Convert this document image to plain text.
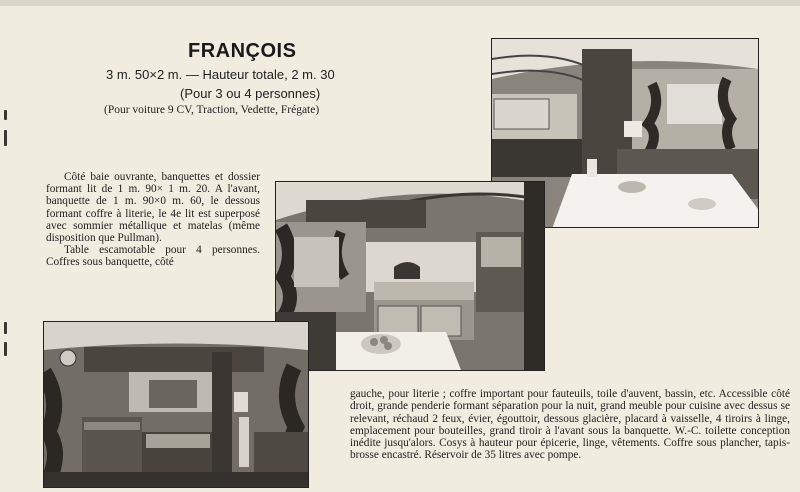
FRANÇOIS
3 m. 50×2 m. — Hauteur totale, 2 m. 30
(Pour 3 ou 4 personnes)
(Pour voiture 9 CV, Traction, Vedette, Frégate)

Côté baie ouvrante, banquettes et dossier formant lit de 1 m. 90× 1 m. 20. A l'avant, banquette de 1 m. 90×0 m. 60, le dessous formant coffre à literie, le 4e lit est superposé avec sommier métallique et matelas (même disposition que Pullman).

Table escamotable pour 4 personnes. Coffres sous banquette, côté

gauche, pour literie ; coffre important pour fauteuils, toile d'auvent, bassin, etc. Accessible côté droit, grande penderie formant séparation pour la nuit, grand meuble pour cuisine avec dessus se relevant, réchaud 2 feux, évier, égouttoir, dessous glacière, placard à vaisselle, 4 tiroirs à linge, emplacement pour bouteilles, grand tiroir à l'avant sous la banquette. W.-C. toilette conception inédite jusqu'alors. Cosys à hauteur pour épicerie, linge, vêtements. Coffre sous plancher, tapis-brosse encastré. Réservoir de 35 litres avec pompe.
